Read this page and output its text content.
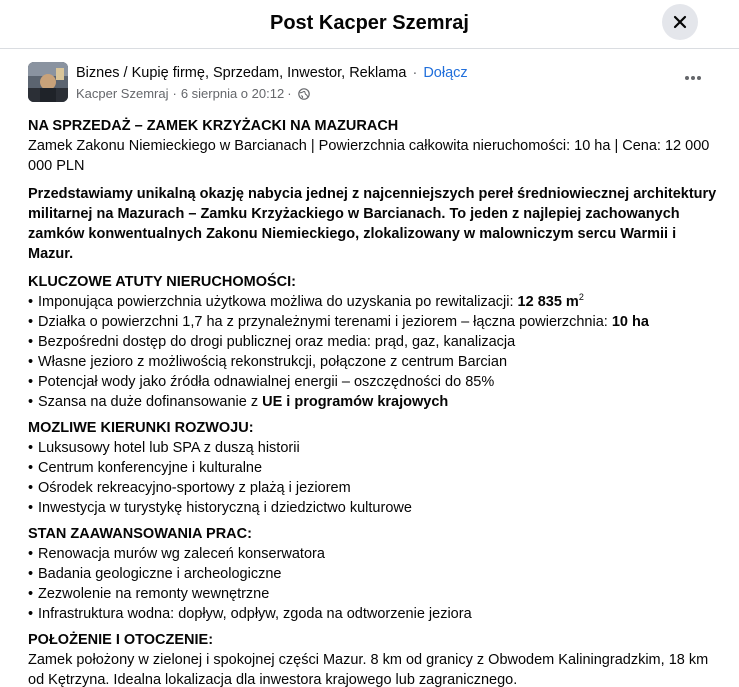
Post Kacper Szemraj
Biznes / Kupię firmę, Sprzedam, Inwestor, Reklama · Dołącz
Kacper Szemraj · 6 sierpnia o 20:12 ·

NA SPRZEDAŻ – ZAMEK KRZYŻACKI NA MAZURACH

Zamek Zakonu Niemieckiego w Barcianach | Powierzchnia całkowita nieruchomości: 10 ha | Cena: 12 000 000 PLN

Przedstawiamy unikalną okazję nabycia jednej z najcenniejszych pereł średniowiecznej architektury militarnej na Mazurach – Zamku Krzyżackiego w Barcianach. To jeden z najlepiej zachowanych zamków konwentualnych Zakonu Niemieckiego, zlokalizowany w malowniczym sercu Warmii i Mazur.

KLUCZOWE ATUTY NIERUCHOMOŚCI:

• Imponująca powierzchnia użytkowa możliwa do uzyskania po rewitalizacji: 12 835 $m^2$
• Działka o powierzchni 1,7 ha z przynależnymi terenami i jeziorem – łączna powierzchnia: 10 ha
• Bezpośredni dostęp do drogi publicznej oraz media: prąd, gaz, kanalizacja
• Własne jezioro z możliwością rekonstrukcji, połączone z centrum Barcian
• Potencjał wody jako źródła odnawialnej energii – oszczędności do 85%
• Szansa na duże dofinansowanie z UE i programów krajowych

MOZLIWE KIERUNKI ROZWOJU:

• Luksusowy hotel lub SPA z duszą historii
• Centrum konferencyjne i kulturalne
• Ośrodek rekreacyjno-sportowy z plażą i jeziorem
• Inwestycja w turystykę historyczną i dziedzictwo kulturowe

STAN ZAAWANSOWANIA PRAC:

• Renowacja murów wg zaleceń konserwatora
• Badania geologiczne i archeologiczne
• Zezwolenie na remonty wewnętrzne
• Infrastruktura wodna: dopływ, odpływ, zgoda na odtworzenie jeziora

POŁOŻENIE I OTOCZENIE:

Zamek położony w zielonej i spokojnej części Mazur. 8 km od granicy z Obwodem Kaliningradzkim, 18 km od Kętrzyna. Idealna lokalizacja dla inwestora krajowego lub zagranicznego.
